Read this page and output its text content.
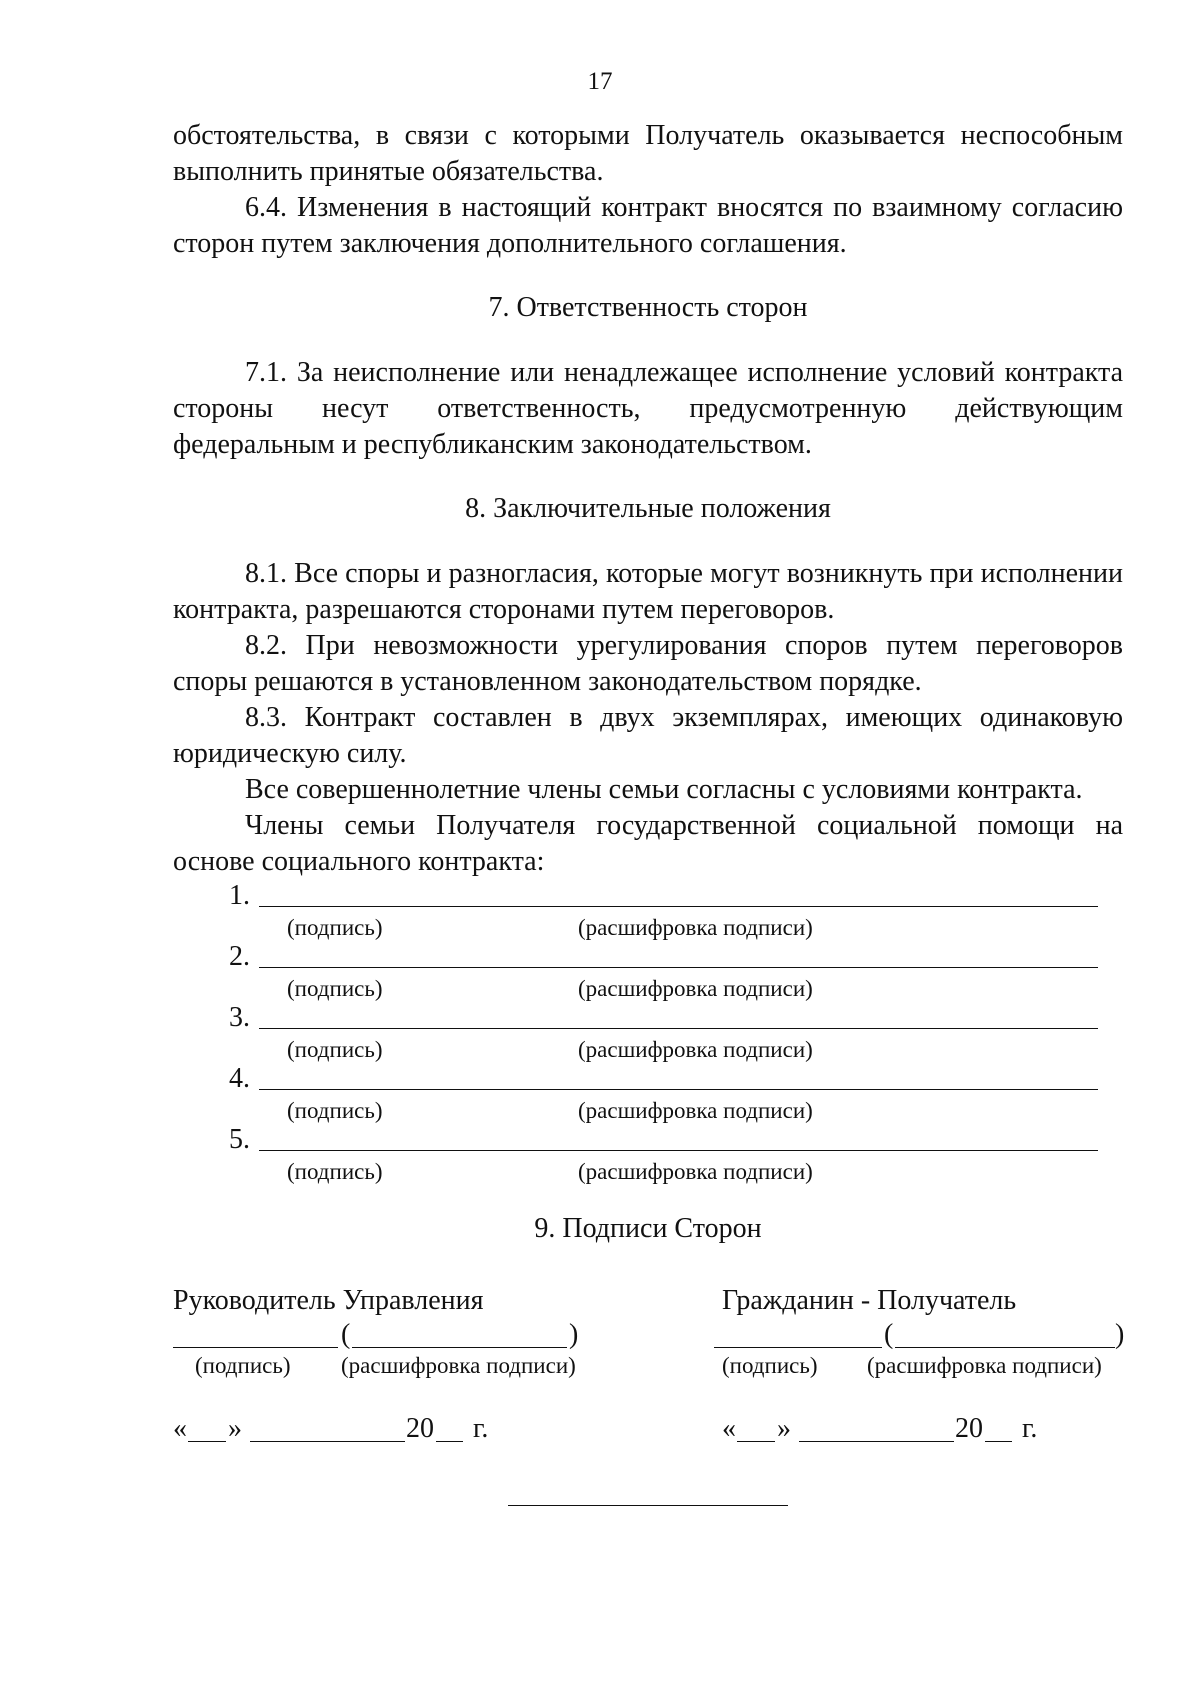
17

обстоятельства, в связи с которыми Получатель оказывается неспособным выполнить принятые обязательства.

6.4. Изменения в настоящий контракт вносятся по взаимному согласию сторон путем заключения дополнительного соглашения.

7. Ответственность сторон

7.1. За неисполнение или ненадлежащее исполнение условий контракта стороны несут ответственность, предусмотренную действующим федеральным и республиканским законодательством.

8. Заключительные положения

8.1. Все споры и разногласия, которые могут возникнуть при исполнении контракта, разрешаются сторонами путем переговоров.

8.2. При невозможности урегулирования споров путем переговоров споры решаются в установленном законодательством порядке.

8.3. Контракт составлен в двух экземплярах, имеющих одинаковую юридическую силу.

Все совершеннолетние члены семьи согласны с условиями контракта.

Члены семьи Получателя государственной социальной помощи на основе социального контракта:

1.
(подпись)	(расшифровка подписи)
2.
(подпись)	(расшифровка подписи)
3.
(подпись)	(расшифровка подписи)
4.
(подпись)	(расшифровка подписи)
5.
(подпись)	(расшифровка подписи)

9. Подписи Сторон

Руководитель Управления
(	)
(подпись) (расшифровка подписи)
« »	20 г.
Гражданин - Получатель
(	)
(подпись) (расшифровка подписи)
« »	20 г.
